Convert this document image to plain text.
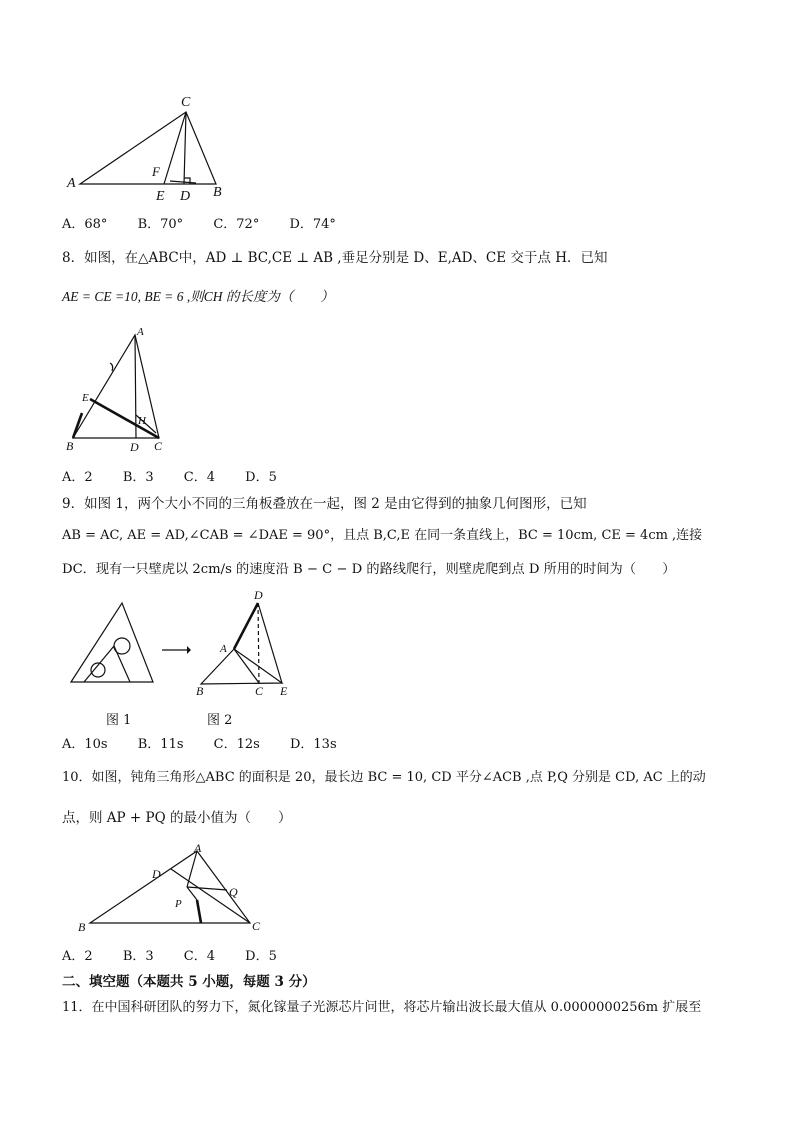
C
A
F
E D B
A．68° B．70° C．72° D．74°
8．如图，在△ABC中，AD ⊥ BC,CE ⊥ AB ,垂足分别是 D、E,AD、CE 交于点 H．已知
AE = CE =10, BE = 6 ,则CH 的长度为（　　）
A
E
H
B	D C
A．2 B．3 C．4 D．5
9．如图 1，两个大小不同的三角板叠放在一起，图 2 是由它得到的抽象几何图形，已知
AB = AC, AE = AD,∠CAB = ∠DAE = 90°，且点 B,C,E 在同一条直线上，BC = 10cm, CE = 4cm ,连接
DC．现有一只壁虎以 2cm/s 的速度沿 B − C − D 的路线爬行，则壁虎爬到点 D 所用的时间为（　　）
D
A
B	C E
图 1	图 2
A．10s B．11s C．12s D．13s
10．如图，钝角三角形△ABC 的面积是 20，最长边 BC = 10, CD 平分∠ACB ,点 P,Q 分别是 CD, AC 上的动
点，则 AP + PQ 的最小值为（　　）
A
D
Q
P
B	C
A．2 B．3 C．4 D．5
二、填空题（本题共 5 小题，每题 3 分）
11．在中国科研团队的努力下，氮化镓量子光源芯片问世，将芯片输出波长最大值从 0.0000000256m 扩展至
